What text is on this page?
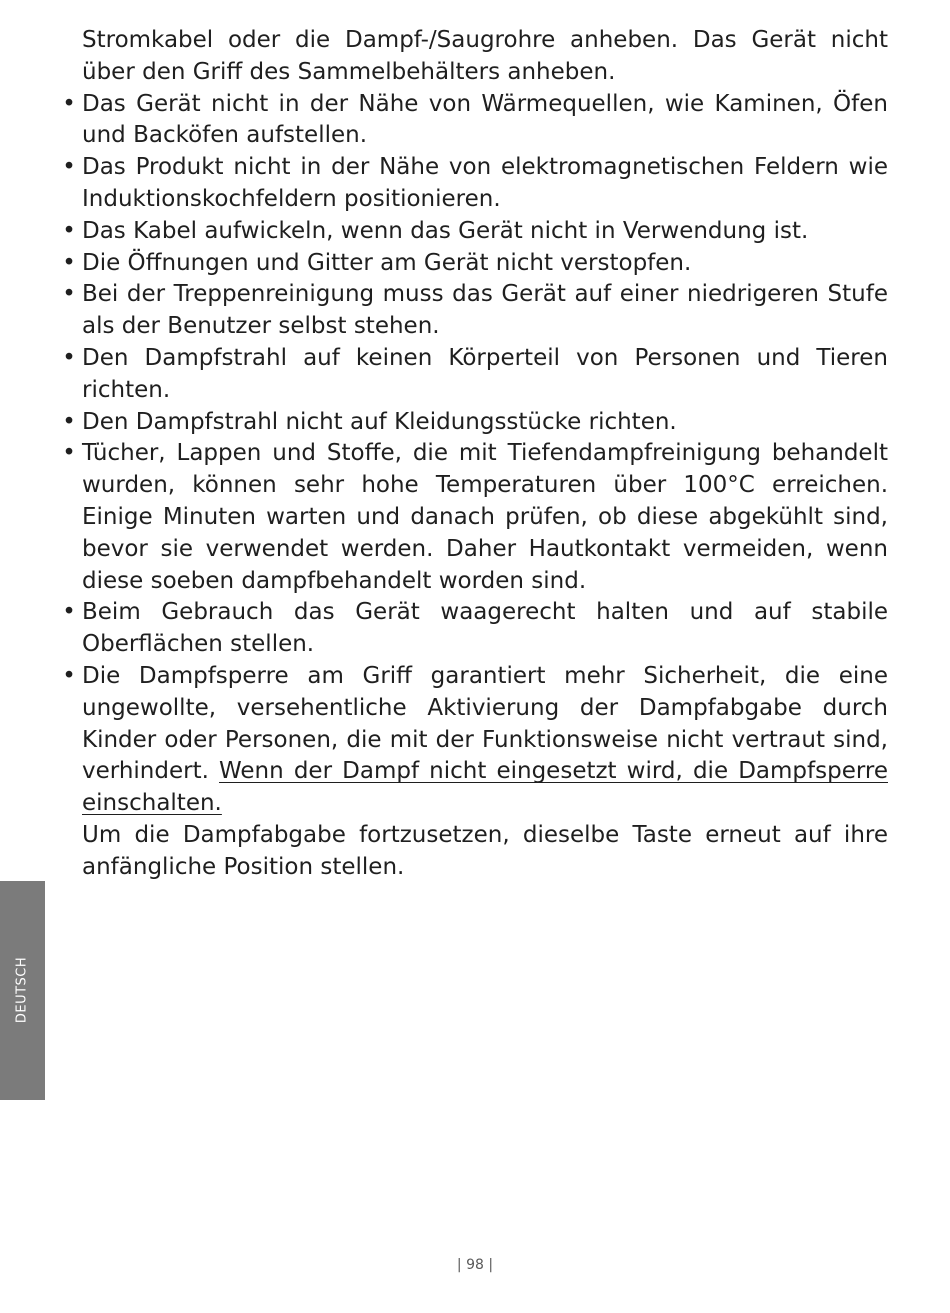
Stromkabel oder die Dampf-/Saugrohre anheben. Das Gerät nicht über den Griff des Sammelbehälters anheben.

• Das Gerät nicht in der Nähe von Wärmequellen, wie Kaminen, Öfen und Backöfen aufstellen.
• Das Produkt nicht in der Nähe von elektromagnetischen Feldern wie Induktionskochfeldern positionieren.
• Das Kabel aufwickeln, wenn das Gerät nicht in Verwendung ist.
• Die Öffnungen und Gitter am Gerät nicht verstopfen.
• Bei der Treppenreinigung muss das Gerät auf einer niedrigeren Stufe als der Benutzer selbst stehen.
• Den Dampfstrahl auf keinen Körperteil von Personen und Tieren richten.
• Den Dampfstrahl nicht auf Kleidungsstücke richten.
• Tücher, Lappen und Stoffe, die mit Tiefendampfreinigung behandelt wurden, können sehr hohe Temperaturen über 100°C erreichen. Einige Minuten warten und danach prüfen, ob diese abgekühlt sind, bevor sie verwendet werden. Daher Hautkontakt vermeiden, wenn diese soeben dampfbehandelt worden sind.
• Beim Gebrauch das Gerät waagerecht halten und auf stabile Oberflächen stellen.
• Die Dampfsperre am Griff garantiert mehr Sicherheit, die eine ungewollte, versehentliche Aktivierung der Dampfabgabe durch Kinder oder Personen, die mit der Funktionsweise nicht vertraut sind, verhindert. Wenn der Dampf nicht eingesetzt wird, die Dampfsperre einschalten.

Um die Dampfabgabe fortzusetzen, dieselbe Taste erneut auf ihre anfängliche Position stellen.

DEUTSCH
| 98 |
